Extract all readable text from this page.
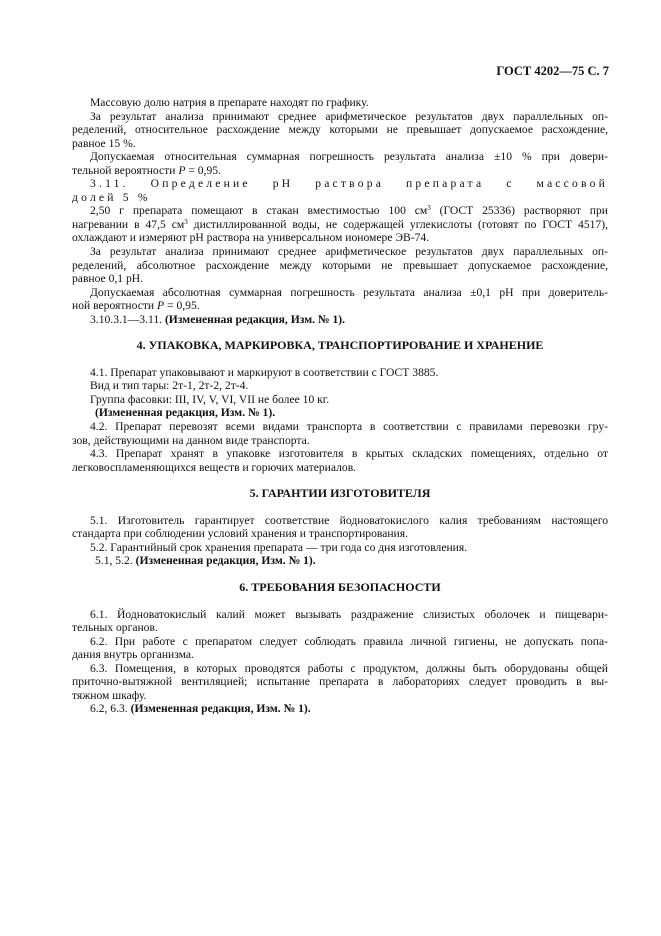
ГОСТ 4202—75 С. 7
Массовую долю натрия в препарате находят по графику.
За результат анализа принимают среднее арифметическое результатов двух параллельных оп-
ределений, относительное расхождение между которыми не превышает допускаемое расхождение,
равное 15 %.
Допускаемая относительная суммарная погрешность результата анализа ±10 % при довери-
тельной вероятности P = 0,95.
3.11. Определение pH раствора препарата с массовой
долей 5 %
2,50 г препарата помещают в стакан вместимостью 100 $см^3$ (ГОСТ 25336) растворяют при
нагревании в 47,5 $см^3$ дистиллированной воды, не содержащей углекислоты (готовят по ГОСТ 4517),
охлаждают и измеряют pH раствора на универсальном иономере ЭВ-74.
За результат анализа принимают среднее арифметическое результатов двух параллельных оп-
ределений, абсолютное расхождение между которыми не превышает допускаемое расхождение,
равное 0,1 pH.
Допускаемая абсолютная суммарная погрешность результата анализа ±0,1 pH при доверитель-
ной вероятности P = 0,95.
3.10.3.1—3.11. (Измененная редакция, Изм. № 1).
4. УПАКОВКА, МАРКИРОВКА, ТРАНСПОРТИРОВАНИЕ И ХРАНЕНИЕ
4.1. Препарат упаковывают и маркируют в соответствии с ГОСТ 3885.
Вид и тип тары: 2т-1, 2т-2, 2т-4.
Группа фасовки: III, IV, V, VI, VII не более 10 кг.
(Измененная редакция, Изм. № 1).
4.2. Препарат перевозят всеми видами транспорта в соответствии с правилами перевозки гру-
зов, действующими на данном виде транспорта.
4.3. Препарат хранят в упаковке изготовителя в крытых складских помещениях, отдельно от
легковоспламеняющихся веществ и горючих материалов.
5. ГАРАНТИИ ИЗГОТОВИТЕЛЯ
5.1. Изготовитель гарантирует соответствие йодноватокислого калия требованиям настоящего
стандарта при соблюдении условий хранения и транспортирования.
5.2. Гарантийный срок хранения препарата — три года со дня изготовления.
5.1, 5.2. (Измененная редакция, Изм. № 1).
6. ТРЕБОВАНИЯ БЕЗОПАСНОСТИ
6.1. Йодноватокислый калий может вызывать раздражение слизистых оболочек и пищевари-
тельных органов.
6.2. При работе с препаратом следует соблюдать правила личной гигиены, не допускать попа-
дания внутрь организма.
6.3. Помещения, в которых проводятся работы с продуктом, должны быть оборудованы общей
приточно-вытяжной вентиляцией; испытание препарата в лабораториях следует проводить в вы-
тяжном шкафу.
6.2, 6.3. (Измененная редакция, Изм. № 1).
